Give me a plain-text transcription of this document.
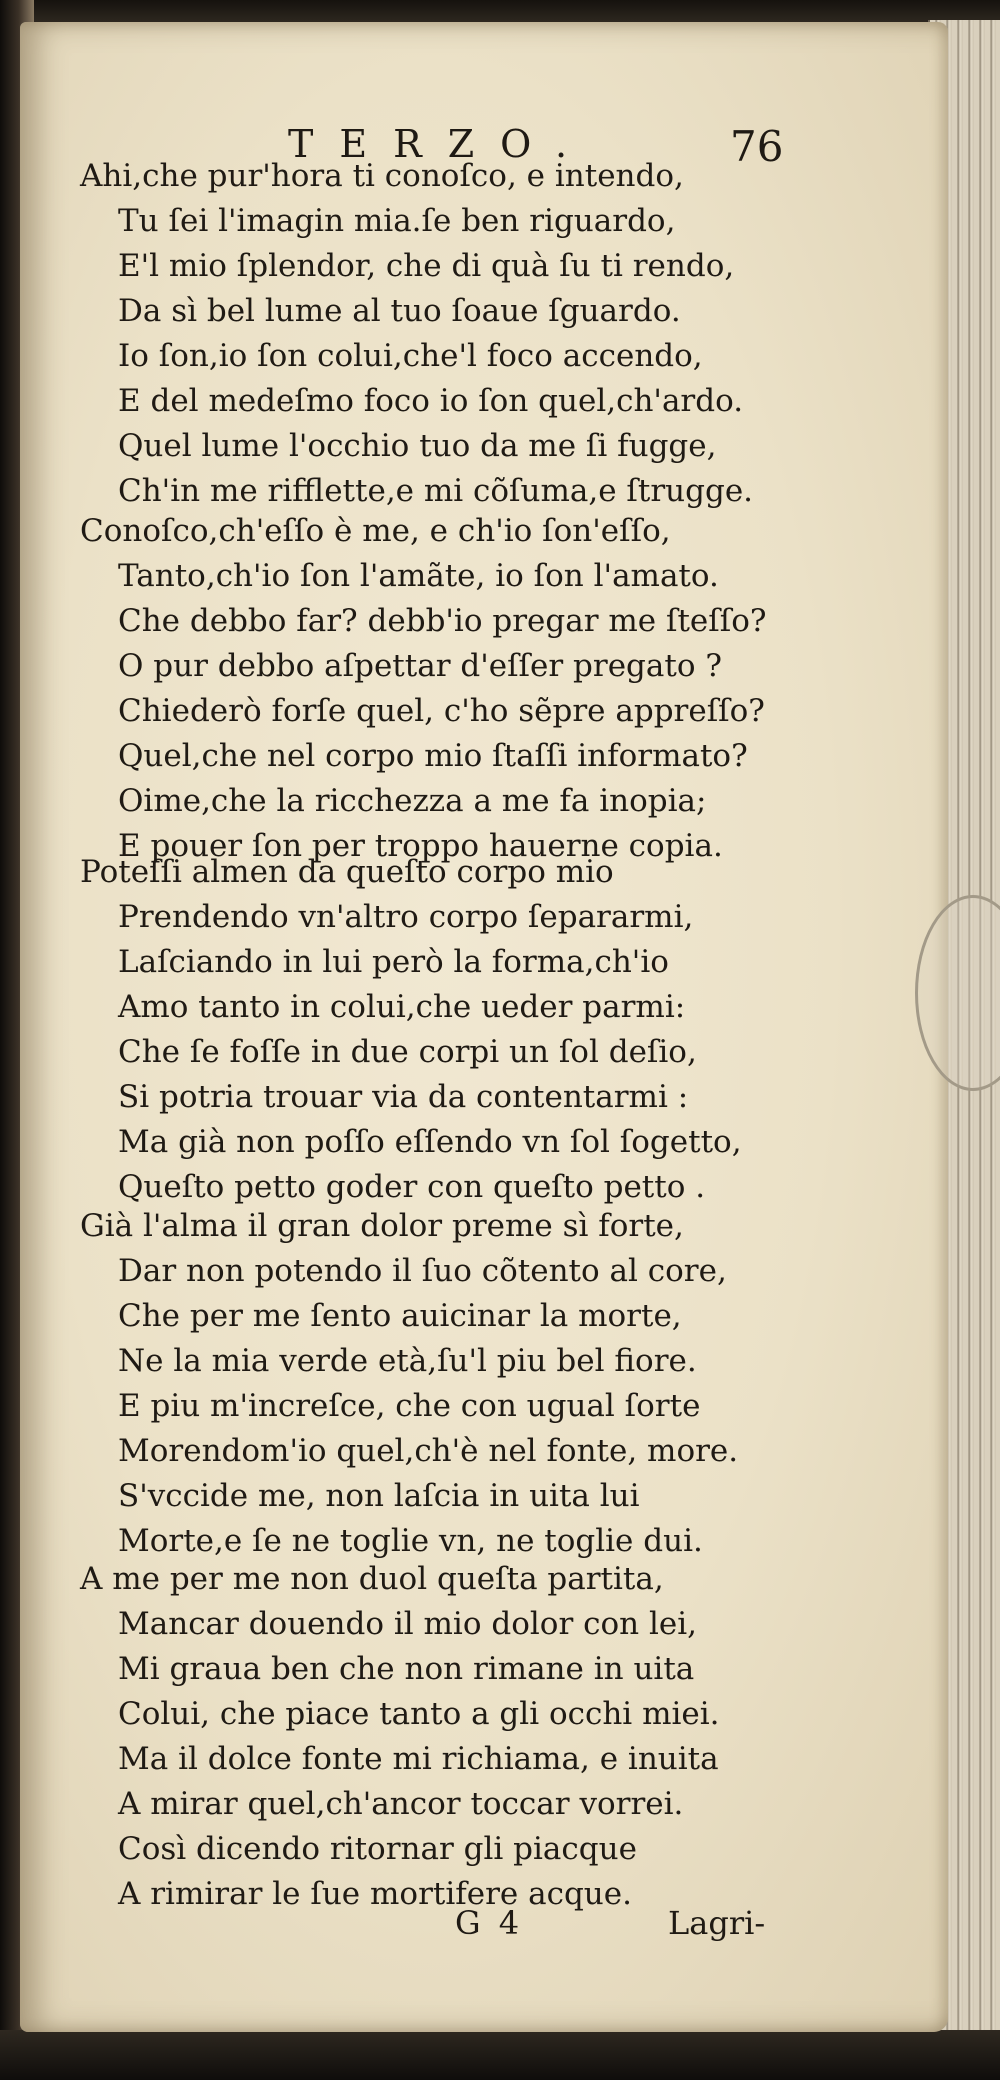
TERZO.	76
Ahi,che pur'hora ti conoſco, e intendo,
Tu ſei l'imagin mia.ſe ben riguardo,
E'l mio ſplendor, che di quà ſu ti rendo,
Da sì bel lume al tuo ſoaue ſguardo.
Io ſon,io ſon colui,che'l foco accendo,
E del medeſmo foco io ſon quel,ch'ardo.
Quel lume l'occhio tuo da me ſi fugge,
Ch'in me rifflette,e mi cõſuma,e ſtrugge.
Conoſco,ch'eſſo è me, e ch'io ſon'eſſo,
Tanto,ch'io ſon l'amãte, io ſon l'amato.
Che debbo far? debb'io pregar me ſteſſo?
O pur debbo aſpettar d'eſſer pregato ?
Chiederò forſe quel, c'ho sẽpre appreſſo?
Quel,che nel corpo mio ſtaſſi informato?
Oime,che la ricchezza a me fa inopia;
E pouer ſon per troppo hauerne copia.
Poteſſi almen da queſto corpo mio
Prendendo vn'altro corpo ſepararmi,
Laſciando in lui però la forma,ch'io
Amo tanto in colui,che ueder parmi:
Che ſe foſſe in due corpi un ſol deſio,
Si potria trouar via da contentarmi :
Ma già non poſſo eſſendo vn ſol ſogetto,
Queſto petto goder con queſto petto .
Già l'alma il gran dolor preme sì forte,
Dar non potendo il ſuo cõtento al core,
Che per me ſento auicinar la morte,
Ne la mia verde età,ſu'l piu bel fiore.
E piu m'increſce, che con ugual ſorte
Morendom'io quel,ch'è nel fonte, more.
S'vccide me, non laſcia in uita lui
Morte,e ſe ne toglie vn, ne toglie dui.
A me per me non duol queſta partita,
Mancar douendo il mio dolor con lei,
Mi graua ben che non rimane in uita
Colui, che piace tanto a gli occhi miei.
Ma il dolce fonte mi richiama, e inuita
A mirar quel,ch'ancor toccar vorrei.
Così dicendo ritornar gli piacque
A rimirar le ſue mortifere acque.
G 4	Lagri-
